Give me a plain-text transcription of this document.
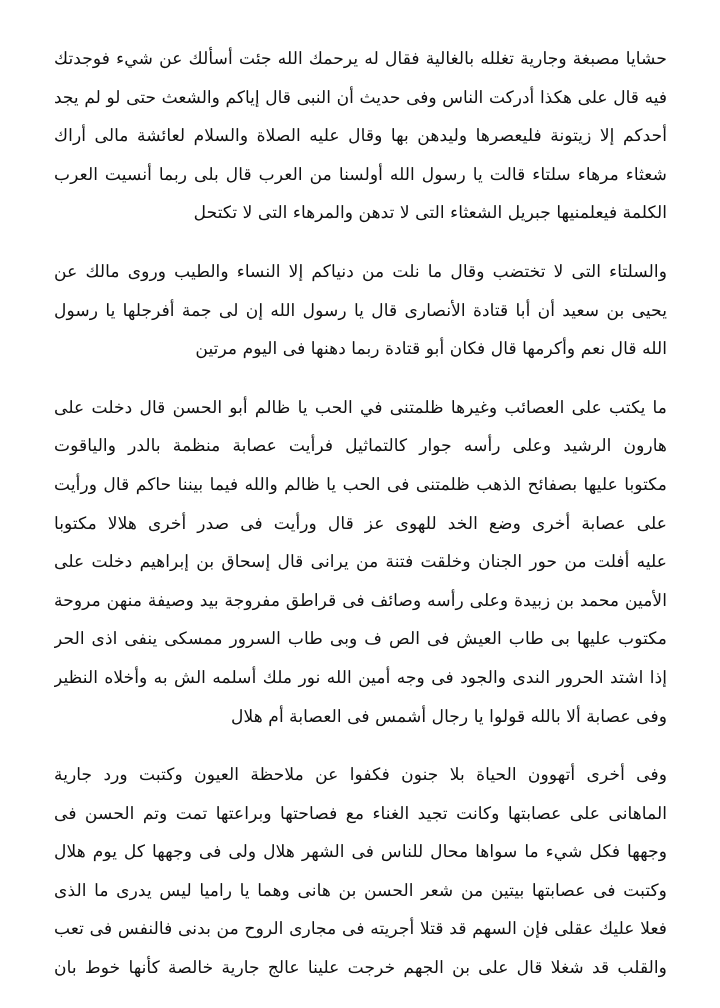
حشايا مصبغة وجارية تغلله بالغالية فقال له يرحمك الله جئت أسألك عن شيء فوجدتك
فيه قال على هكذا أدركت الناس وفى حديث أن النبى قال إياكم والشعث حتى لو لم يجد
أحدكم إلا زيتونة فليعصرها وليدهن بها وقال عليه الصلاة والسلام لعائشة مالى أراك
شعثاء مرهاء سلتاء قالت يا رسول الله أولسنا من العرب قال بلى ربما أنسيت العرب
الكلمة فيعلمنيها جبريل الشعثاء التى لا تدهن والمرهاء التى لا تكتحل
والسلتاء التى لا تختضب وقال ما نلت من دنياكم إلا النساء والطيب وروى مالك عن
يحيى بن سعيد أن أبا قتادة الأنصارى قال يا رسول الله إن لى جمة أفرجلها يا رسول
الله قال نعم وأكرمها قال فكان أبو قتادة ربما دهنها فى اليوم مرتين
ما يكتب على العصائب وغيرها ظلمتنى في الحب يا ظالم أبو الحسن قال دخلت على
هارون الرشيد وعلى رأسه جوار كالتماثيل فرأيت عصابة منظمة بالدر والياقوت
مكتوبا عليها بصفائح الذهب ظلمتنى فى الحب يا ظالم والله فيما بيننا حاكم قال ورأيت
على عصابة أخرى وضع الخد للهوى عز قال ورأيت فى صدر أخرى هلالا مكتوبا
عليه أفلت من حور الجنان وخلقت فتنة من يرانى قال إسحاق بن إبراهيم دخلت على
الأمين محمد بن زبيدة وعلى رأسه وصائف فى قراطق مفروجة بيد وصيفة منهن مروحة
مكتوب عليها بى طاب العيش فى الص ف وبى طاب السرور ممسكى ينفى اذى الحر
إذا اشتد الحرور الندى والجود فى وجه أمين الله نور ملك أسلمه الش به وأخلاه النظير
وفى عصابة ألا بالله قولوا يا رجال أشمس فى العصابة أم هلال
وفى أخرى أتهوون الحياة بلا جنون فكفوا عن ملاحظة العيون وكتبت ورد جارية
الماهانى على عصابتها وكانت تجيد الغناء مع فصاحتها وبراعتها تمت وتم الحسن فى
وجهها فكل شيء ما سواها محال للناس فى الشهر هلال ولى فى وجهها كل يوم هلال
وكتبت فى عصابتها بيتين من شعر الحسن بن هانى وهما يا راميا ليس يدرى ما الذى
فعلا عليك عقلى فإن السهم قد قتلا أجريته فى مجارى الروح من بدنى فالنفس فى تعب
والقلب قد شغلا قال على بن الجهم خرجت علينا عالج جارية خالصة كأنها خوط بان
